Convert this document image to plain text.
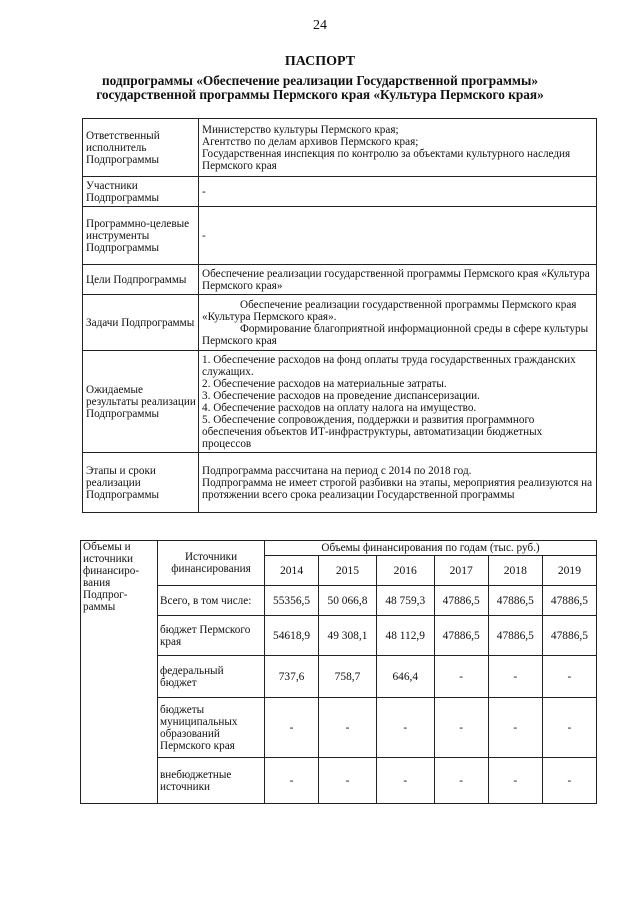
24
ПАСПОРТ
подпрограммы «Обеспечение реализации Государственной программы»
государственной программы Пермского края «Культура Пермского края»
Ответственный исполнитель Подпрограммы	Министерство культуры Пермского края;
Агентство по делам архивов Пермского края;
Государственная инспекция по контролю за объектами культурного наследия Пермского края

Участники Подпрограммы	-
Программно-целевые инструменты Подпрограммы	-
Цели Подпрограммы	Обеспечение реализации государственной программы Пермского края «Культура Пермского края»
Задачи Подпрограммы	Обеспечение реализации государственной программы Пермского края «Культура Пермского края».
Формирование благоприятной информационной среды в сфере культуры Пермского края

Ожидаемые результаты реализации Подпрограммы	1. Обеспечение расходов на фонд оплаты труда государственных гражданских служащих.
2. Обеспечение расходов на материальные затраты.
3. Обеспечение расходов на проведение диспансеризации.
4. Обеспечение расходов на оплату налога на имущество.
5. Обеспечение сопровождения, поддержки и развития программного обеспечения объектов ИТ-инфраструктуры, автоматизации бюджетных процессов

Этапы и сроки реализации Подпрограммы	Подпрограмма рассчитана на период с 2014 по 2018 год.
Подпрограмма не имеет строгой разбивки на этапы, мероприятия реализуются на протяжении всего срока реализации Государственной программы
Объемы и источники финансиро-вания Подпрог-раммы	Источники финансирования	Объемы финансирования по годам (тыс. руб.)					
		2014	2015	2016	2017	2018	2019
	Всего, в том числе:	55356,5	50 066,8	48 759,3	47886,5	47886,5	47886,5
	бюджет Пермского края	54618,9	49 308,1	48 112,9	47886,5	47886,5	47886,5
	федеральный бюджет	737,6	758,7	646,4	-	-	-
	бюджеты муниципальных образований Пермского края	-	-	-	-	-	-
	внебюджетные источники	-	-	-	-	-	-
